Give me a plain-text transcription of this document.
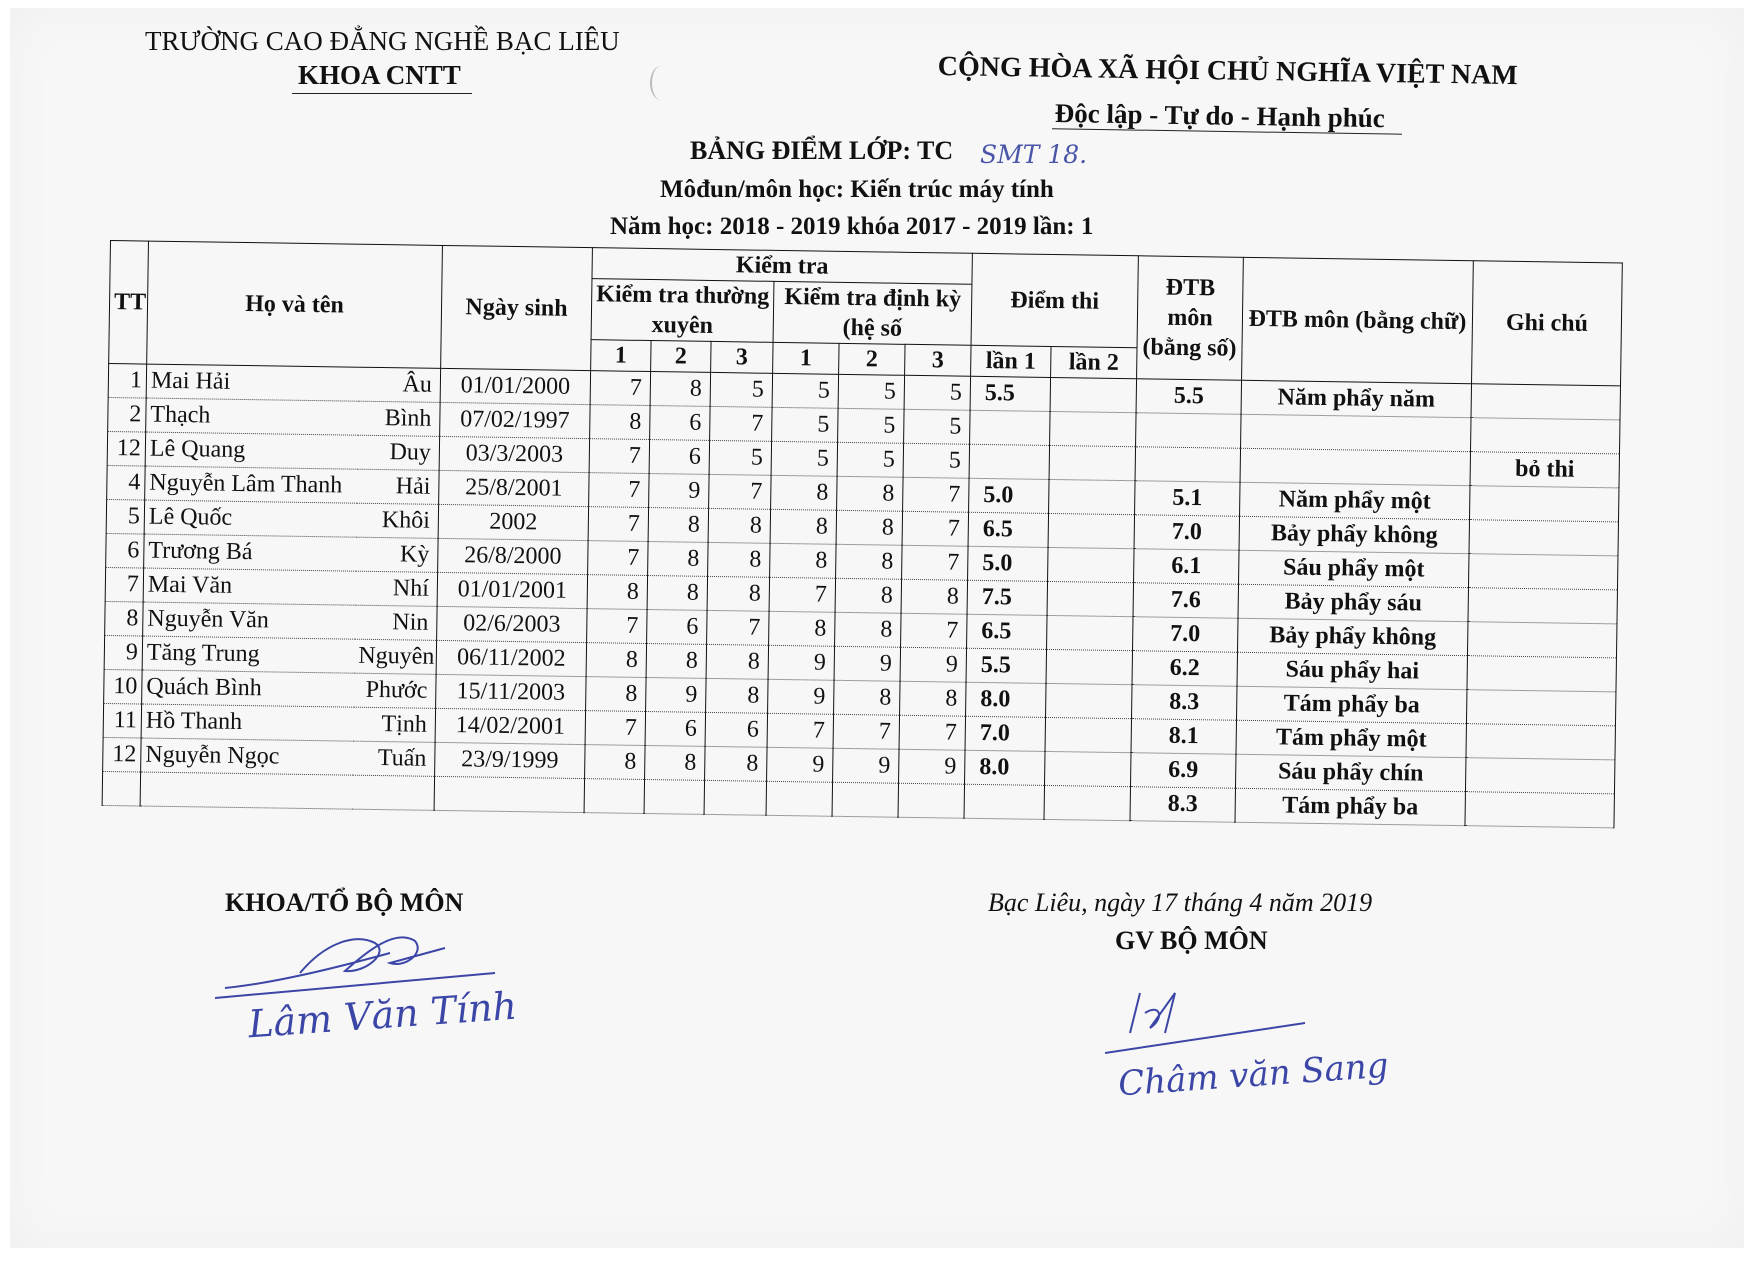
TRƯỜNG CAO ĐẲNG NGHỀ BẠC LIÊU
KHOA CNTT	CỘNG HÒA XÃ HỘI CHỦ NGHĨA VIỆT NAM
Độc lập - Tự do - Hạnh phúc
BẢNG ĐIỂM LỚP: TC SMT 18.
Môđun/môn học: Kiến trúc máy tính
Năm học: 2018 - 2019 khóa 2017 - 2019 lần: 1
TT	Họ và tên		Ngày sinh	Kiểm tra						Điểm thi		ĐTB môn (bằng số)	ĐTB môn (bằng chữ)	Ghi chú
				Kiểm tra thường xuyên			Kiểm tra định kỳ (hệ số							
				1	2	3	1	2	3	lần 1	lần 2			
1	Mai Hải	Âu	01/01/2000	7	8	5	5	5	5	5.5		5.5	Năm phẩy năm	
2	Thạch	Bình	07/02/1997	8	6	7	5	5	5					
12	Lê Quang	Duy	03/3/2003	7	6	5	5	5	5					bỏ thi
4	Nguyễn Lâm Thanh	Hải	25/8/2001	7	9	7	8	8	7	5.0		5.1	Năm phẩy một	
5	Lê Quốc	Khôi	2002	7	8	8	8	8	7	6.5		7.0	Bảy phẩy không	
6	Trương Bá	Kỳ	26/8/2000	7	8	8	8	8	7	5.0		6.1	Sáu phẩy một	
7	Mai Văn	Nhí	01/01/2001	8	8	8	7	8	8	7.5		7.6	Bảy phẩy sáu	
8	Nguyễn Văn	Nin	02/6/2003	7	6	7	8	8	7	6.5		7.0	Bảy phẩy không	
9	Tăng Trung	Nguyên	06/11/2002	8	8	8	9	9	9	5.5		6.2	Sáu phẩy hai	
10	Quách Bình	Phước	15/11/2003	8	9	8	9	8	8	8.0		8.3	Tám phẩy ba	
11	Hồ Thanh	Tịnh	14/02/2001	7	6	6	7	7	7	7.0		8.1	Tám phẩy một	
12	Nguyễn Ngọc	Tuấn	23/9/1999	8	8	8	9	9	9	8.0		6.9	Sáu phẩy chín	
												8.3	Tám phẩy ba	
KHOA/TỔ BỘ MÔN
Lâm Văn Tính
Bạc Liêu, ngày 17 tháng 4 năm 2019
GV BỘ MÔN
Châm văn Sang
